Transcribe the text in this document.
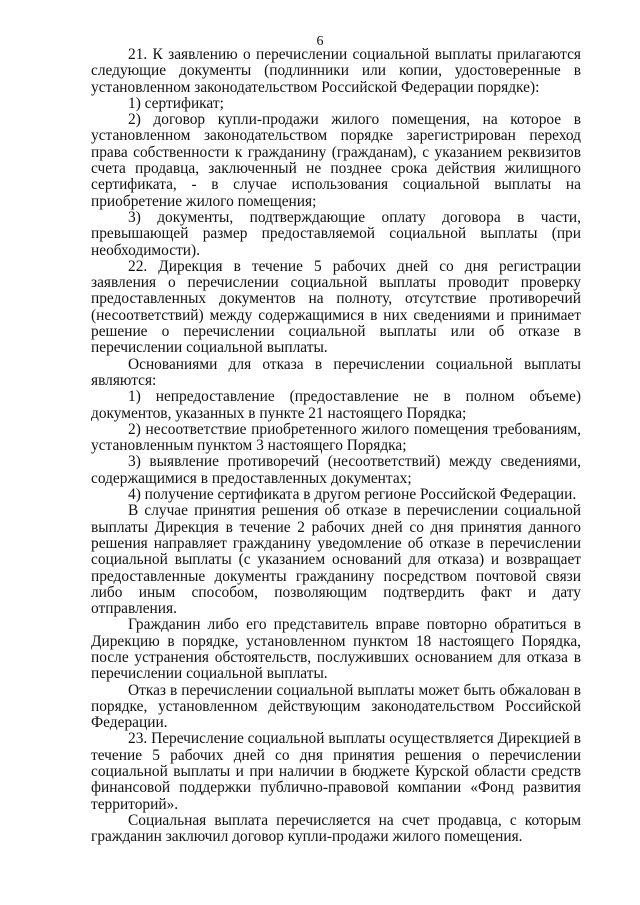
6

21. К заявлению о перечислении социальной выплаты прилагаются следующие документы (подлинники или копии, удостоверенные в установленном законодательством Российской Федерации порядке):

1) сертификат;

2) договор купли-продажи жилого помещения, на которое в установленном законодательством порядке зарегистрирован переход права собственности к гражданину (гражданам), с указанием реквизитов счета продавца, заключенный не позднее срока действия жилищного сертификата, - в случае использования социальной выплаты на приобретение жилого помещения;

3) документы, подтверждающие оплату договора в части, превышающей размер предоставляемой социальной выплаты (при необходимости).

22. Дирекция в течение 5 рабочих дней со дня регистрации заявления о перечислении социальной выплаты проводит проверку предоставленных документов на полноту, отсутствие противоречий (несоответствий) между содержащимися в них сведениями и принимает решение о перечислении социальной выплаты или об отказе в перечислении социальной выплаты.

Основаниями для отказа в перечислении социальной выплаты являются:

1) непредоставление (предоставление не в полном объеме) документов, указанных в пункте 21 настоящего Порядка;

2) несоответствие приобретенного жилого помещения требованиям, установленным пунктом 3 настоящего Порядка;

3) выявление противоречий (несоответствий) между сведениями, содержащимися в предоставленных документах;

4) получение сертификата в другом регионе Российской Федерации.

В случае принятия решения об отказе в перечислении социальной выплаты Дирекция в течение 2 рабочих дней со дня принятия данного решения направляет гражданину уведомление об отказе в перечислении социальной выплаты (с указанием оснований для отказа) и возвращает предоставленные документы гражданину посредством почтовой связи либо иным способом, позволяющим подтвердить факт и дату отправления.

Гражданин либо его представитель вправе повторно обратиться в Дирекцию в порядке, установленном пунктом 18 настоящего Порядка, после устранения обстоятельств, послуживших основанием для отказа в перечислении социальной выплаты.

Отказ в перечислении социальной выплаты может быть обжалован в порядке, установленном действующим законодательством Российской Федерации.

23. Перечисление социальной выплаты осуществляется Дирекцией в течение 5 рабочих дней со дня принятия решения о перечислении социальной выплаты и при наличии в бюджете Курской области средств финансовой поддержки публично-правовой компании «Фонд развития территорий».

Социальная выплата перечисляется на счет продавца, с которым гражданин заключил договор купли-продажи жилого помещения.
